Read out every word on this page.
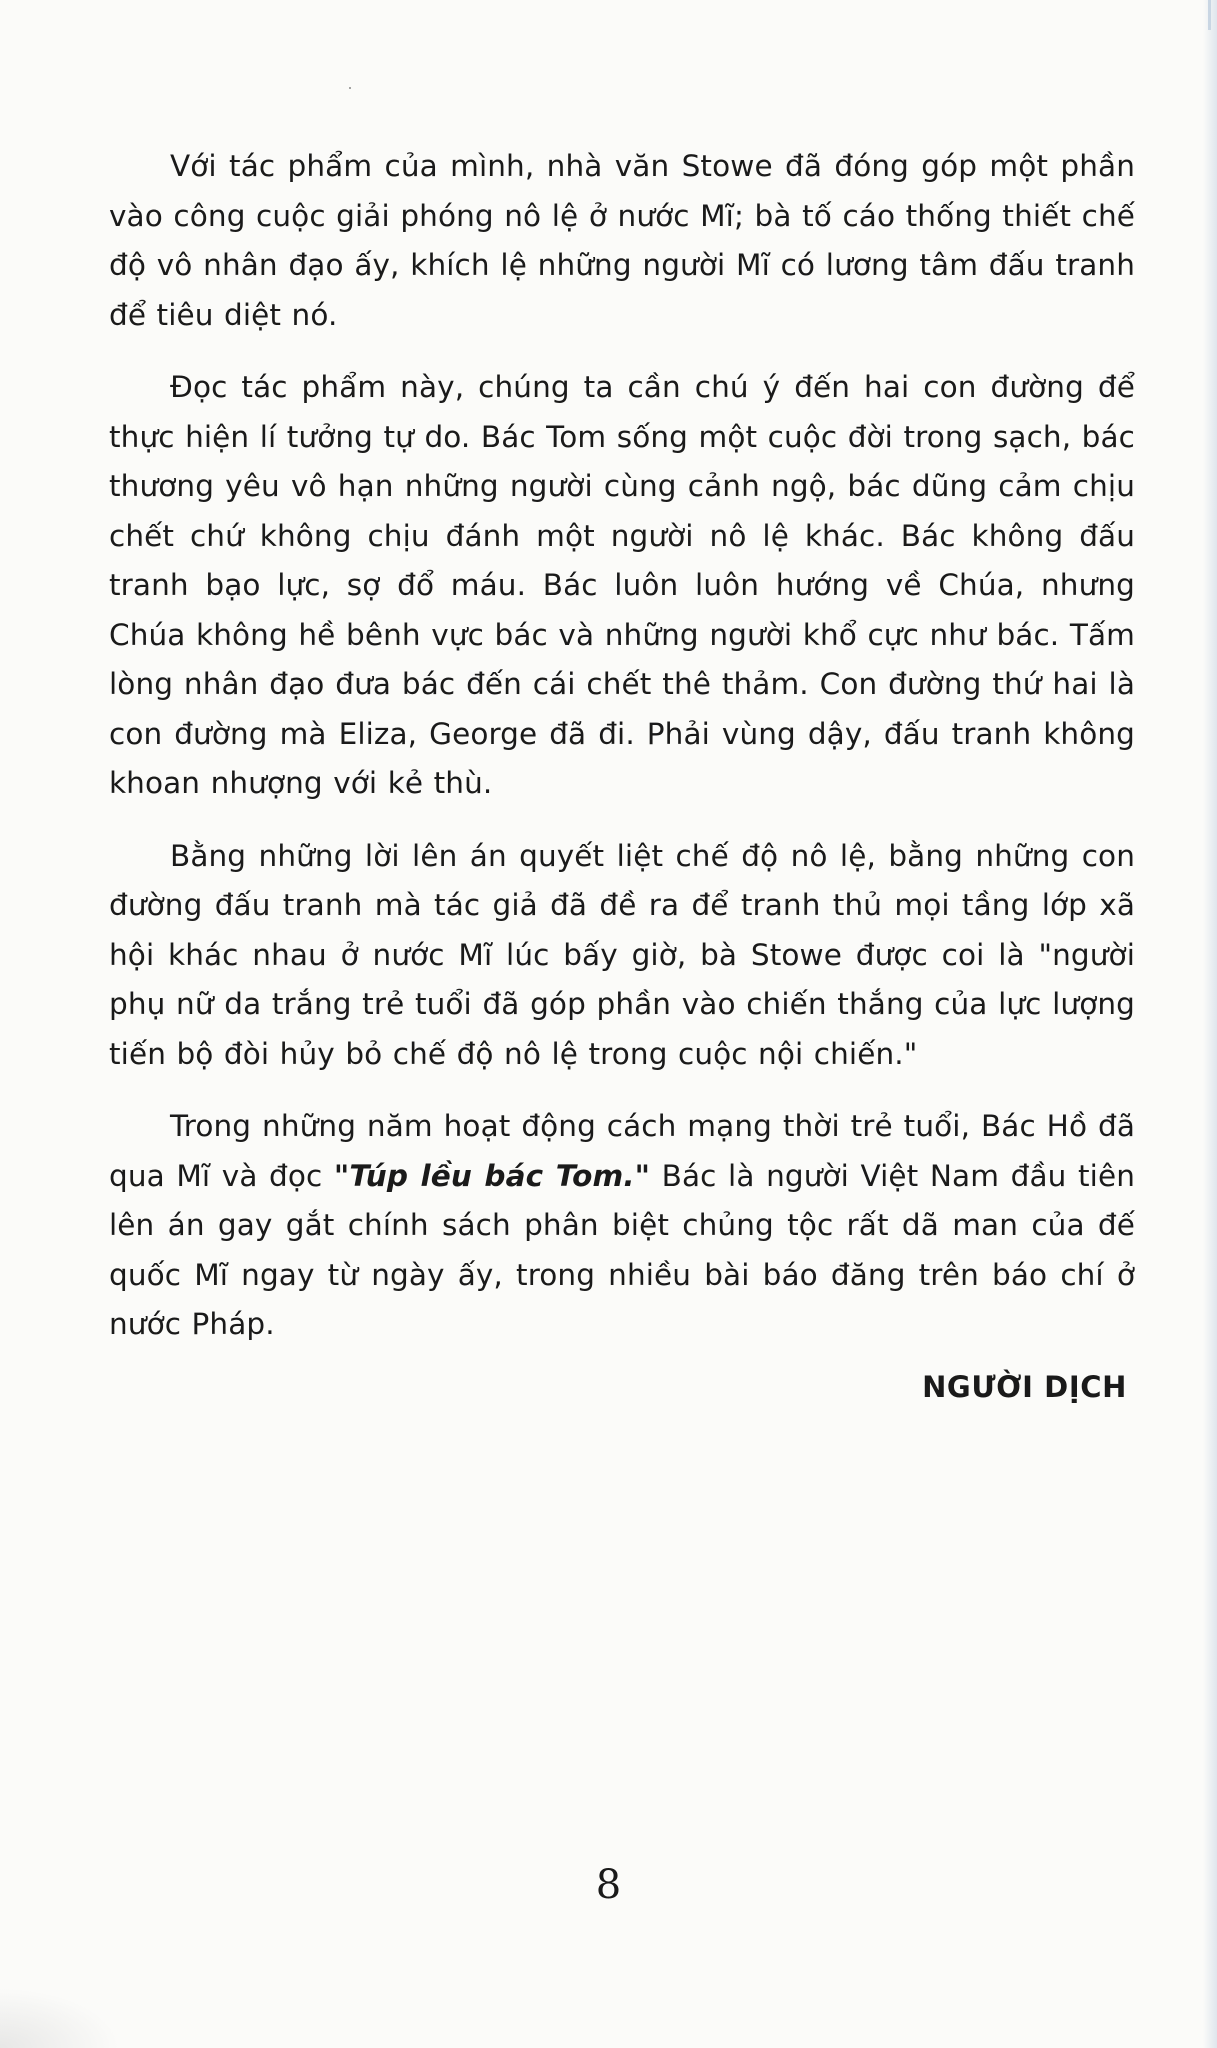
Với tác phẩm của mình, nhà văn Stowe đã đóng góp một phần vào công cuộc giải phóng nô lệ ở nước Mĩ; bà tố cáo thống thiết chế độ vô nhân đạo ấy, khích lệ những người Mĩ có lương tâm đấu tranh để tiêu diệt nó.

Đọc tác phẩm này, chúng ta cần chú ý đến hai con đường để thực hiện lí tưởng tự do. Bác Tom sống một cuộc đời trong sạch, bác thương yêu vô hạn những người cùng cảnh ngộ, bác dũng cảm chịu chết chứ không chịu đánh một người nô lệ khác. Bác không đấu tranh bạo lực, sợ đổ máu. Bác luôn luôn hướng về Chúa, nhưng Chúa không hề bênh vực bác và những người khổ cực như bác. Tấm lòng nhân đạo đưa bác đến cái chết thê thảm. Con đường thứ hai là con đường mà Eliza, George đã đi. Phải vùng dậy, đấu tranh không khoan nhượng với kẻ thù.

Bằng những lời lên án quyết liệt chế độ nô lệ, bằng những con đường đấu tranh mà tác giả đã đề ra để tranh thủ mọi tầng lớp xã hội khác nhau ở nước Mĩ lúc bấy giờ, bà Stowe được coi là "người phụ nữ da trắng trẻ tuổi đã góp phần vào chiến thắng của lực lượng tiến bộ đòi hủy bỏ chế độ nô lệ trong cuộc nội chiến."

Trong những năm hoạt động cách mạng thời trẻ tuổi, Bác Hồ đã qua Mĩ và đọc "Túp lều bác Tom." Bác là người Việt Nam đầu tiên lên án gay gắt chính sách phân biệt chủng tộc rất dã man của đế quốc Mĩ ngay từ ngày ấy, trong nhiều bài báo đăng trên báo chí ở nước Pháp.

NGƯỜI DỊCH

8
